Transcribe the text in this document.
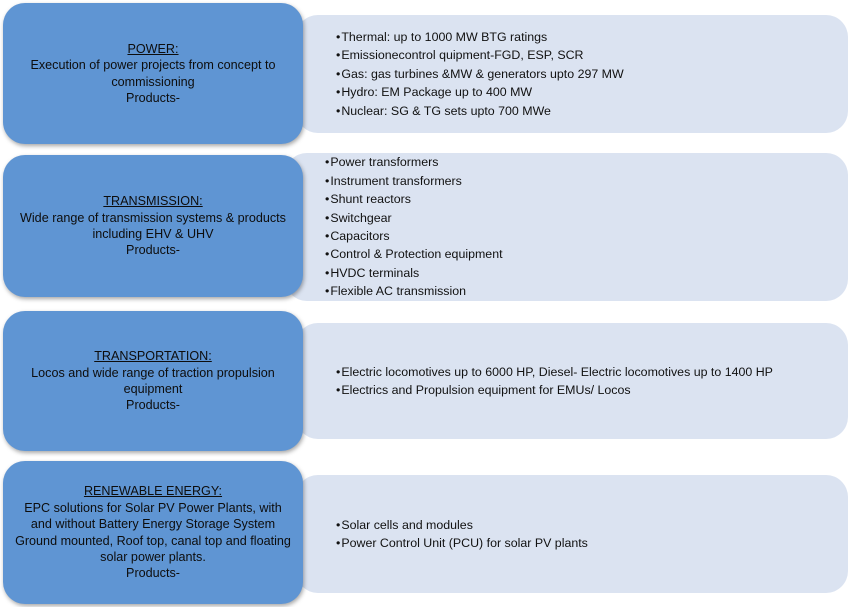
• Thermal: up to 1000 MW BTG ratings
• Emissionecontrol quipment-FGD, ESP, SCR
• Gas: gas turbines &MW & generators upto 297 MW
• Hydro: EM Package up to 400 MW
• Nuclear: SG & TG sets upto 700 MWe
POWER:
Execution of power projects from concept to commissioning
Products-
• Power transformers
• Instrument transformers
• Shunt reactors
• Switchgear
• Capacitors
• Control & Protection equipment
• HVDC terminals
• Flexible AC transmission
TRANSMISSION:
Wide range of transmission systems & products including EHV & UHV
Products-
• Electric locomotives up to 6000 HP, Diesel- Electric locomotives up to 1400 HP
• Electrics and Propulsion equipment for EMUs/ Locos
TRANSPORTATION:
Locos and wide range of traction propulsion equipment
Products-
• Solar cells and modules
• Power Control Unit (PCU) for solar PV plants
RENEWABLE ENERGY:
EPC solutions for Solar PV Power Plants, with and without Battery Energy Storage System Ground mounted, Roof top, canal top and floating solar power plants.
Products-
